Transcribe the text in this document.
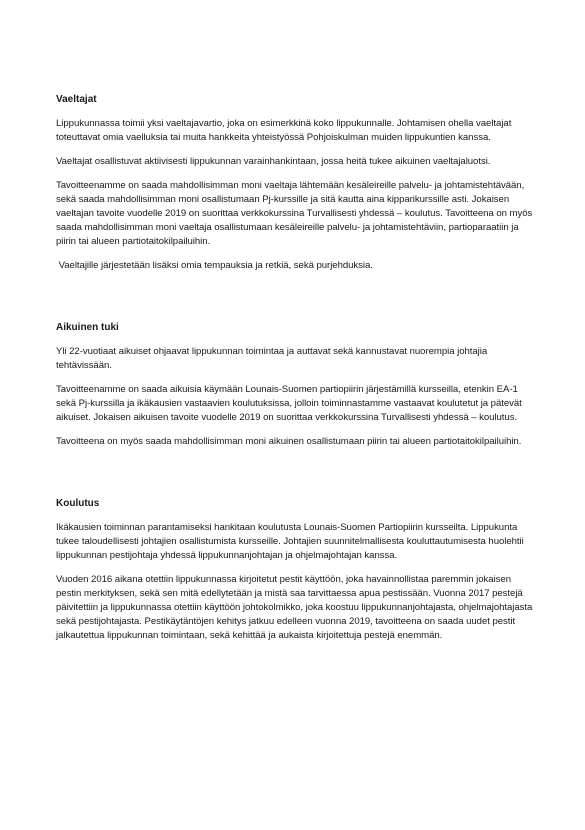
Vaeltajat

Lippukunnassa toimii yksi vaeltajavartio, joka on esimerkkinä koko lippukunnalle. Johtamisen ohella vaeltajat toteuttavat omia vaelluksia tai muita hankkeita yhteistyössä Pohjoiskulman muiden lippukuntien kanssa.

Vaeltajat osallistuvat aktiivisesti lippukunnan varainhankintaan, jossa heitä tukee aikuinen vaeltajaluotsi.

Tavoitteenamme on saada mahdollisimman moni vaeltaja lähtemään kesäleireille palvelu- ja johtamistehtävään, sekä saada mahdollisimman moni osallistumaan Pj-kurssille ja sitä kautta aina kipparikurssille asti. Jokaisen vaeltajan tavoite vuodelle 2019 on suorittaa verkkokurssina Turvallisesti yhdessä – koulutus. Tavoitteena on myös saada mahdollisimman moni vaeltaja osallistumaan kesäleireille palvelu- ja johtamistehtäviin, partioparaatiin ja piirin tai alueen partiotaitokilpailuihin.

Vaeltajille järjestetään lisäksi omia tempauksia ja retkiä, sekä purjehduksia.

Aikuinen tuki

Yli 22-vuotiaat aikuiset ohjaavat lippukunnan toimintaa ja auttavat sekä kannustavat nuorempia johtajia tehtävissään.

Tavoitteenamme on saada aikuisia käymään Lounais-Suomen partiopiirin järjestämillä kursseilla, etenkin EA-1 sekä Pj-kurssilla ja ikäkausien vastaavien koulutuksissa, jolloin toiminnastamme vastaavat koulutetut ja pätevät aikuiset. Jokaisen aikuisen tavoite vuodelle 2019 on suorittaa verkkokurssina Turvallisesti yhdessä – koulutus.

Tavoitteena on myös saada mahdollisimman moni aikuinen osallistumaan piirin tai alueen partiotaitokilpailuihin.

Koulutus

Ikäkausien toiminnan parantamiseksi hankitaan koulutusta Lounais-Suomen Partiopiirin kursseilta. Lippukunta tukee taloudellisesti johtajien osallistumista kursseille. Johtajien suunnitelmallisesta kouluttautumisesta huolehtii lippukunnan pestijohtaja yhdessä lippukunnanjohtajan ja ohjelmajohtajan kanssa.

Vuoden 2016 aikana otettiin lippukunnassa kirjoitetut pestit käyttöön, joka havainnollistaa paremmin jokaisen pestin merkityksen, sekä sen mitä edellytetään ja mistä saa tarvittaessa apua pestissään. Vuonna 2017 pestejä päivitettiin ja lippukunnassa otettiin käyttöön johtokolmikko, joka koostuu lippukunnanjohtajasta, ohjelmajohtajasta sekä pestijohtajasta. Pestikäytäntöjen kehitys jatkuu edelleen vuonna 2019, tavoitteena on saada uudet pestit jalkautettua lippukunnan toimintaan, sekä kehittää ja aukaista kirjoitettuja pestejä enemmän.
